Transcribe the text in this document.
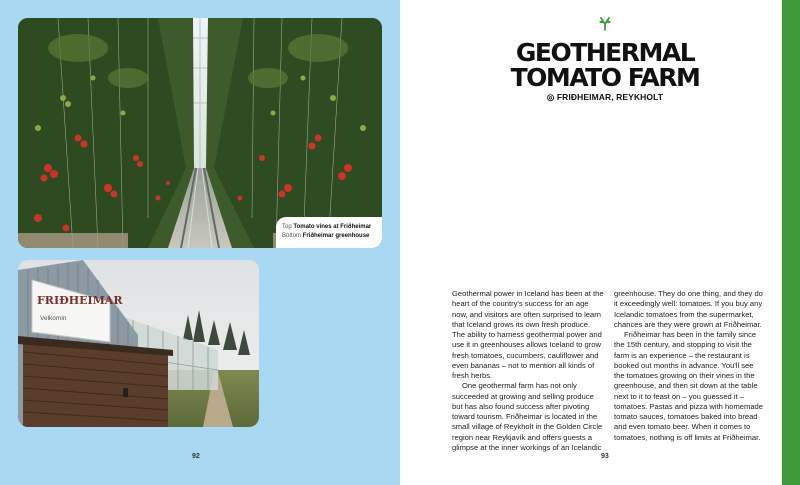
Top Tomato vines at Friðheimar
Bottom Friðheimar greenhouse
FRIÐHEIMAR
Velkomin
92	93
GEOTHERMAL
TOMATO FARM
◎ FRIÐHEIMAR, REYKHOLT

Geothermal power in Iceland has been at the heart of the country's success for an age now, and visitors are often surprised to learn that Iceland grows its own fresh produce. The ability to harness geothermal power and use it in greenhouses allows Iceland to grow fresh tomatoes, cucumbers, cauliflower and even bananas – not to mention all kinds of fresh herbs.

One geothermal farm has not only succeeded at growing and selling produce but has also found success after pivoting toward tourism. Friðheimar is located in the small village of Reykholt in the Golden Circle region near Reykjavík and offers guests a glimpse at the inner workings of an Icelandic

greenhouse. They do one thing, and they do it exceedingly well: tomatoes. If you buy any Icelandic tomatoes from the supermarket, chances are they were grown at Friðheimar.

Friðheimar has been in the family since the 15th century, and stopping to visit the farm is an experience – the restaurant is booked out months in advance. You'll see the tomatoes growing on their vines in the greenhouse, and then sit down at the table next to it to feast on – you guessed it – tomatoes. Pastas and pizza with homemade tomato sauces, tomatoes baked into bread and even tomato beer. When it comes to tomatoes, nothing is off limits at Friðheimar.
